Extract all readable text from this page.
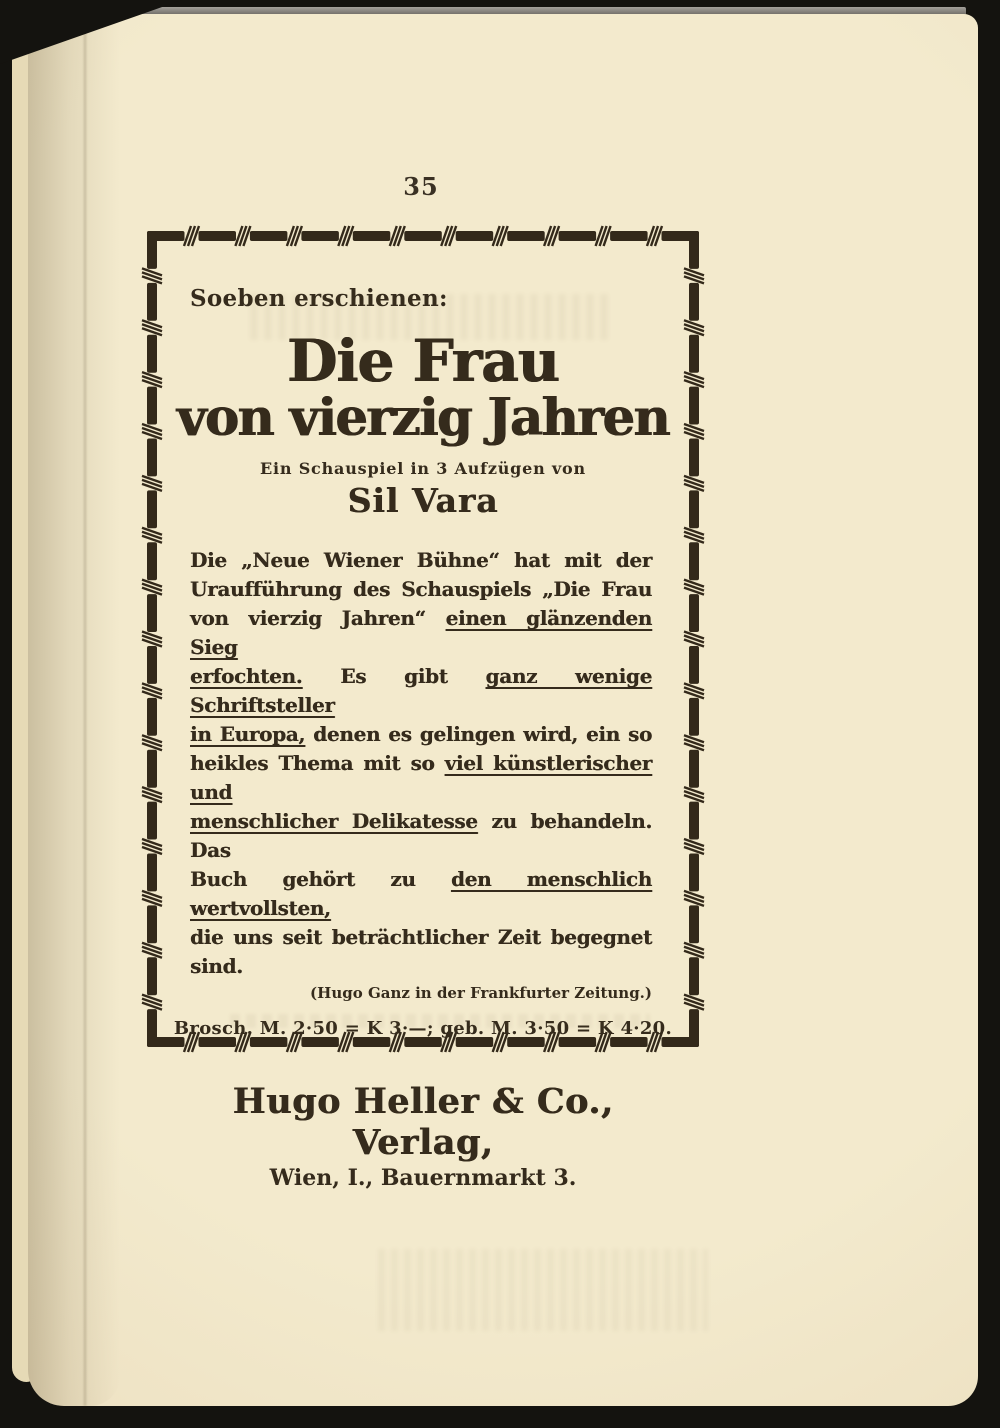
35
Soeben erschienen:
Die Frau
von vierzig Jahren
Ein Schauspiel in 3 Aufzügen von
Sil Vara
Die „Neue Wiener Bühne“ hat mit der
Uraufführung des Schauspiels „Die Frau
von vierzig Jahren“ einen glänzenden Sieg
erfochten. Es gibt ganz wenige Schriftsteller
in Europa, denen es gelingen wird, ein so
heikles Thema mit so viel künstlerischer und
menschlicher Delikatesse zu behandeln. Das
Buch gehört zu den menschlich wertvollsten,
die uns seit beträchtlicher Zeit begegnet sind.
(Hugo Ganz in der Frankfurter Zeitung.)
Brosch. M. 2·50 = K 3·—; geb. M. 3·50 = K 4·20.
Hugo Heller & Co., Verlag,
Wien, I., Bauernmarkt 3.
